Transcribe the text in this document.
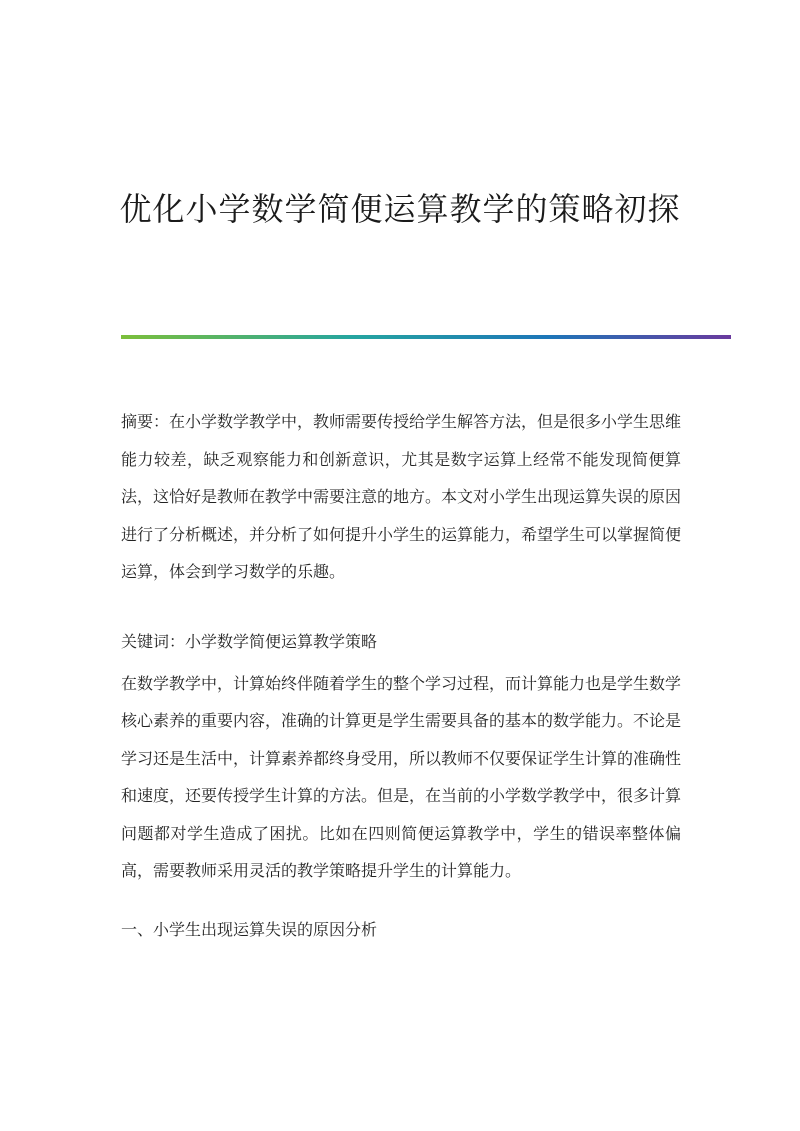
优化小学数学简便运算教学的策略初探

摘要：在小学数学教学中，教师需要传授给学生解答方法，但是很多小学生思维能力较差，缺乏观察能力和创新意识，尤其是数字运算上经常不能发现简便算法，这恰好是教师在教学中需要注意的地方。本文对小学生出现运算失误的原因进行了分析概述，并分析了如何提升小学生的运算能力，希望学生可以掌握简便运算，体会到学习数学的乐趣。

关键词：小学数学简便运算教学策略

在数学教学中，计算始终伴随着学生的整个学习过程，而计算能力也是学生数学核心素养的重要内容，准确的计算更是学生需要具备的基本的数学能力。不论是学习还是生活中，计算素养都终身受用，所以教师不仅要保证学生计算的准确性和速度，还要传授学生计算的方法。但是，在当前的小学数学教学中，很多计算问题都对学生造成了困扰。比如在四则简便运算教学中，学生的错误率整体偏高，需要教师采用灵活的教学策略提升学生的计算能力。

一、小学生出现运算失误的原因分析
